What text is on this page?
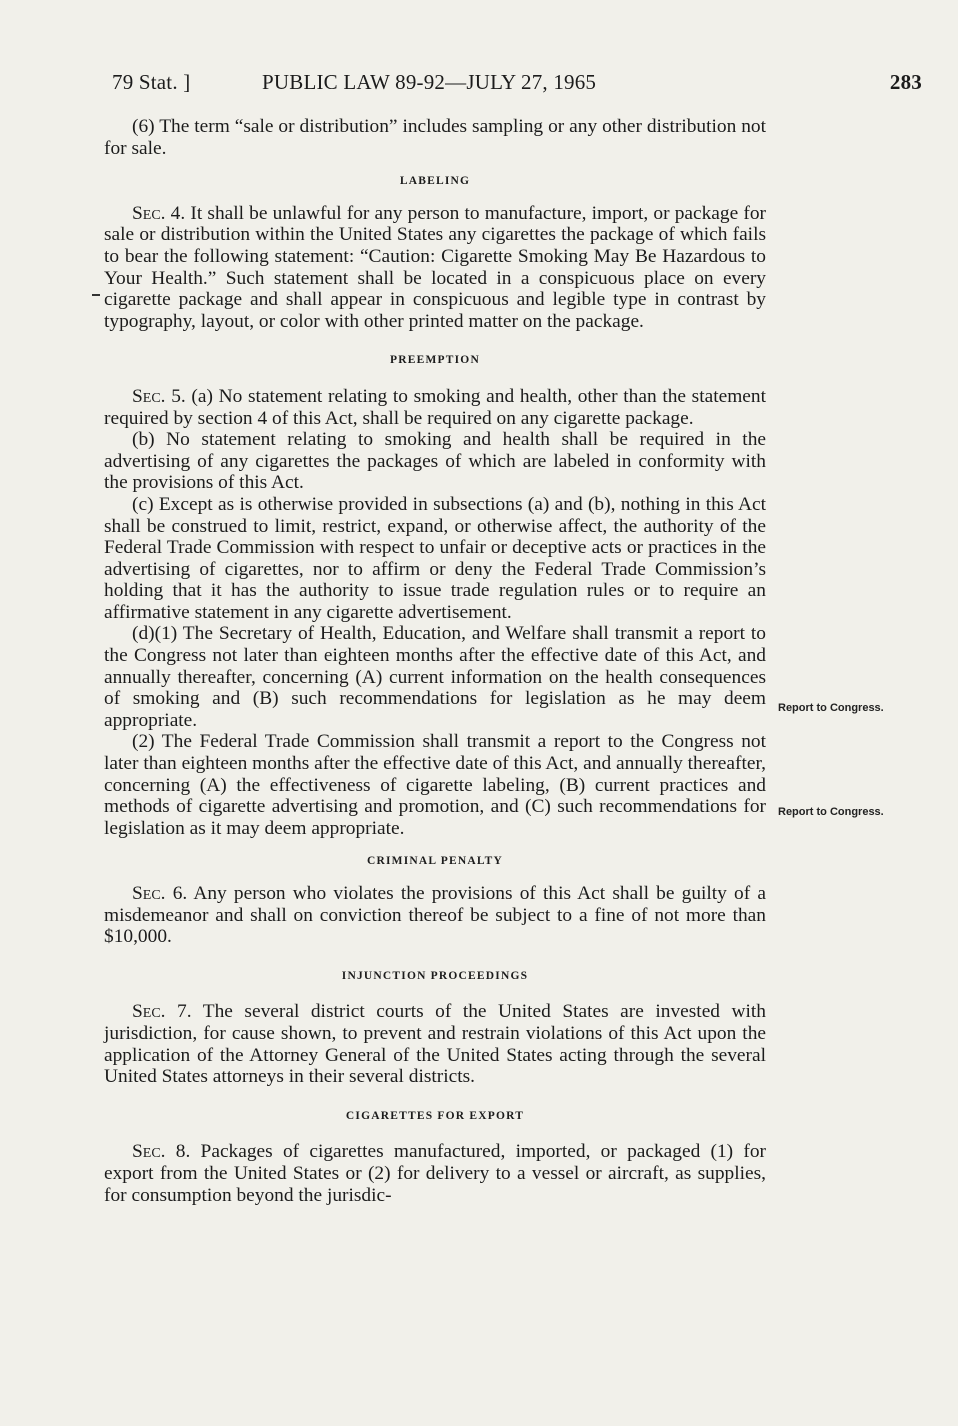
79 Stat. ]	PUBLIC LAW 89-92—JULY 27, 1965	283

(6) The term “sale or distribution” includes sampling or any other distribution not for sale.

LABELING

Sec. 4. It shall be unlawful for any person to manufacture, import, or package for sale or distribution within the United States any cigarettes the package of which fails to bear the following statement: “Caution: Cigarette Smoking May Be Hazardous to Your Health.” Such statement shall be located in a conspicuous place on every cigarette package and shall appear in conspicuous and legible type in contrast by typography, layout, or color with other printed matter on the package.

PREEMPTION

Sec. 5. (a) No statement relating to smoking and health, other than the statement required by section 4 of this Act, shall be required on any cigarette package.

(b) No statement relating to smoking and health shall be required in the advertising of any cigarettes the packages of which are labeled in conformity with the provisions of this Act.

(c) Except as is otherwise provided in subsections (a) and (b), nothing in this Act shall be construed to limit, restrict, expand, or otherwise affect, the authority of the Federal Trade Commission with respect to unfair or deceptive acts or practices in the advertising of cigarettes, nor to affirm or deny the Federal Trade Commission’s holding that it has the authority to issue trade regulation rules or to require an affirmative statement in any cigarette advertisement.

(d)(1) The Secretary of Health, Education, and Welfare shall transmit a report to the Congress not later than eighteen months after the effective date of this Act, and annually thereafter, concerning (A) current information on the health consequences of smoking and (B) such recommendations for legislation as he may deem appropriate.

(2) The Federal Trade Commission shall transmit a report to the Congress not later than eighteen months after the effective date of this Act, and annually thereafter, concerning (A) the effectiveness of cigarette labeling, (B) current practices and methods of cigarette advertising and promotion, and (C) such recommendations for legislation as it may deem appropriate.

CRIMINAL PENALTY

Sec. 6. Any person who violates the provisions of this Act shall be guilty of a misdemeanor and shall on conviction thereof be subject to a fine of not more than $10,000.

INJUNCTION PROCEEDINGS

Sec. 7. The several district courts of the United States are invested with jurisdiction, for cause shown, to prevent and restrain violations of this Act upon the application of the Attorney General of the United States acting through the several United States attorneys in their several districts.

CIGARETTES FOR EXPORT

Sec. 8. Packages of cigarettes manufactured, imported, or packaged (1) for export from the United States or (2) for delivery to a vessel or aircraft, as supplies, for consumption beyond the jurisdic-

Report to Congress.
Report to Congress.
